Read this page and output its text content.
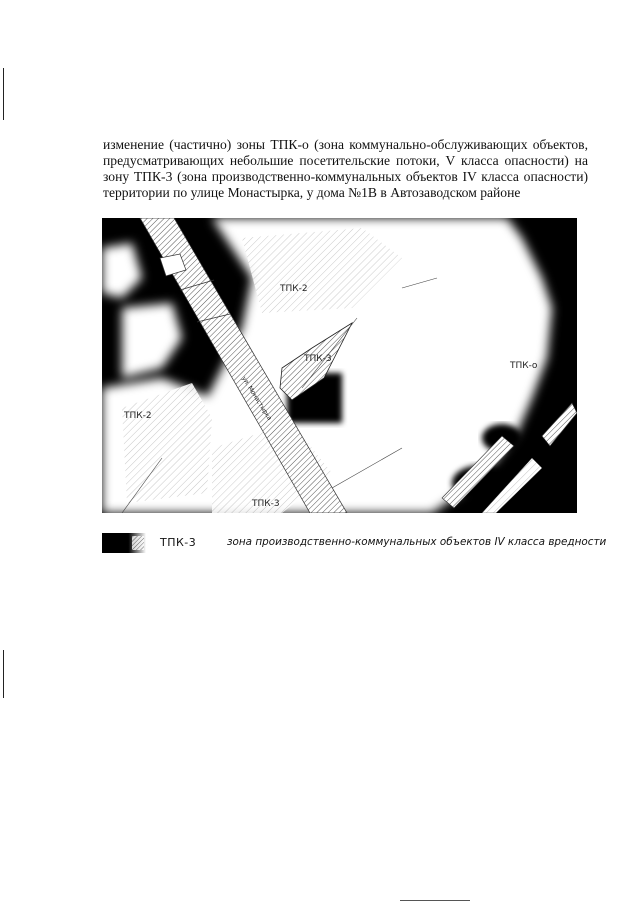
изменение (частично) зоны ТПК-о (зона коммунально-обслуживающих объектов, предусматривающих небольшие посетительские потоки, V класса опасности) на зону ТПК-3 (зона производственно-коммунальных объектов IV класса опасности) территории по улице Монастырка, у дома №1В в Автозаводском районе

ТПК-2
ТПК-о
ТПК-3
ТПК-2
ТПК-3
ул. Монастырка
ТПК-3	зона производственно-коммунальных объектов IV класса вредности
